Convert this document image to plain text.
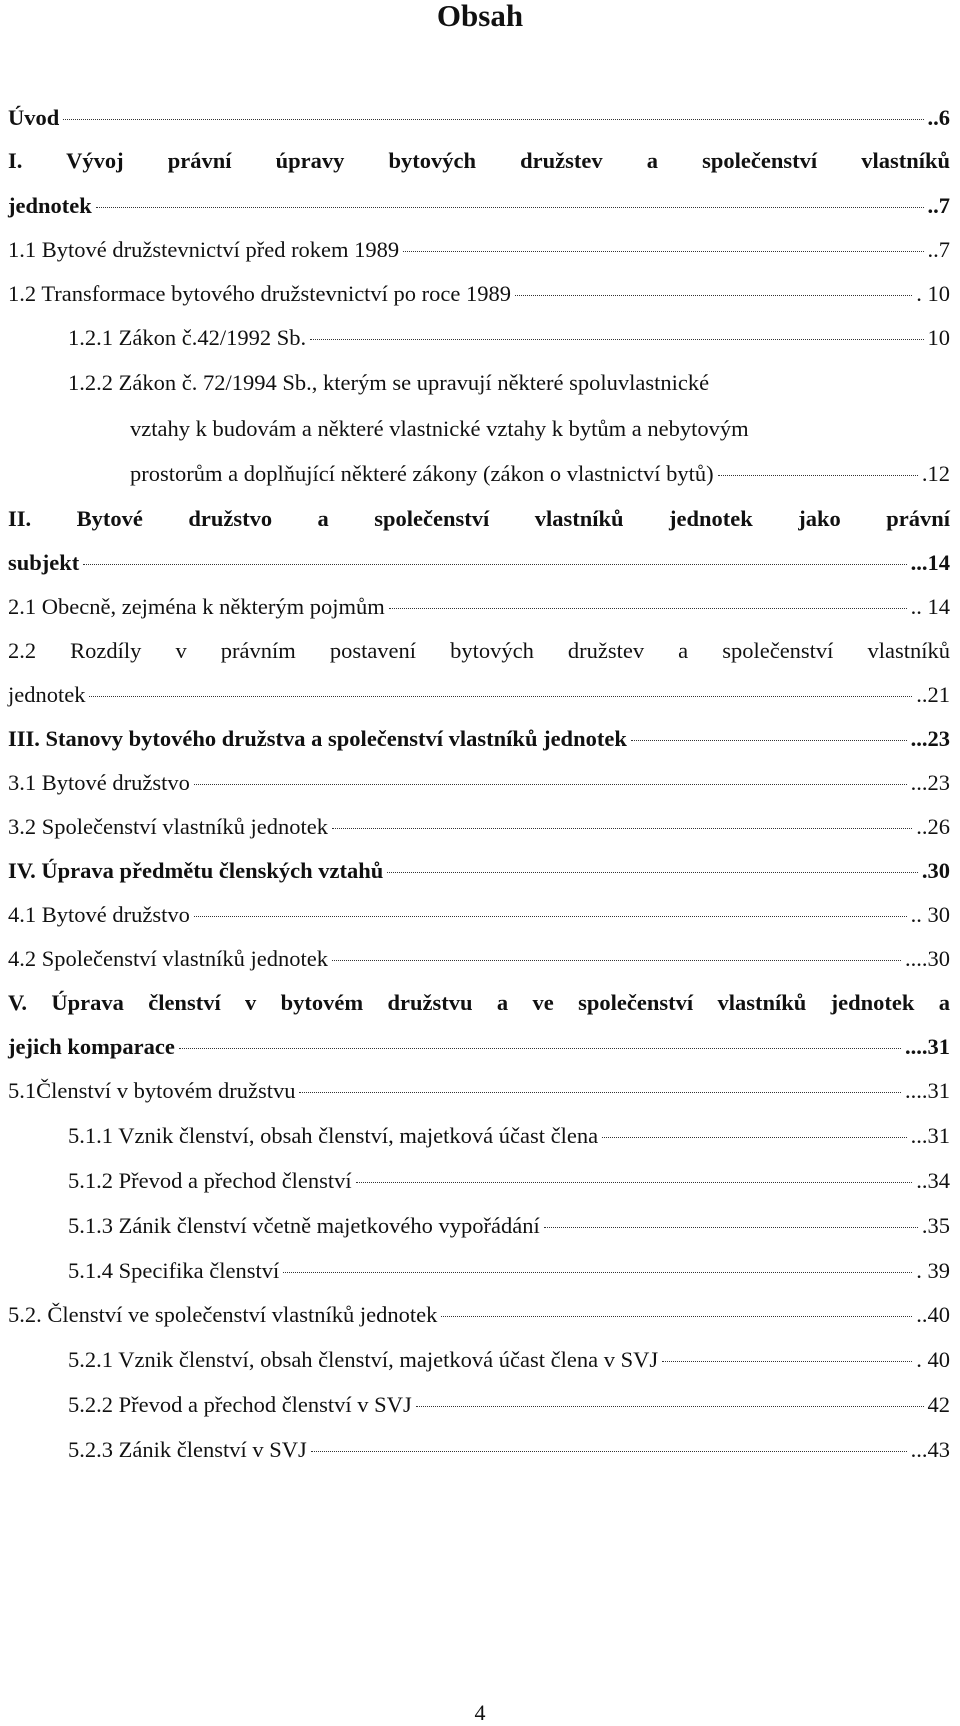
Obsah
Úvod	..6
I. Vývoj právní úpravy bytových družstev a společenství vlastníků
jednotek	..7
1.1 Bytové družstevnictví před rokem 1989	..7
1.2 Transformace bytového družstevnictví po roce 1989	. 10
1.2.1 Zákon č.42/1992 Sb.	10
1.2.2 Zákon č. 72/1994 Sb., kterým se upravují některé spoluvlastnické
vztahy k budovám a některé vlastnické vztahy k bytům a nebytovým
prostorům a doplňující některé zákony (zákon o vlastnictví bytů)	.12
II. Bytové družstvo a společenství vlastníků jednotek jako právní
subjekt	...14
2.1 Obecně, zejména k některým pojmům	.. 14
2.2 Rozdíly v právním postavení bytových družstev a společenství vlastníků
jednotek	..21
III. Stanovy bytového družstva a společenství vlastníků jednotek	...23
3.1 Bytové družstvo	...23
3.2 Společenství vlastníků jednotek	..26
IV. Úprava předmětu členských vztahů	.30
4.1 Bytové družstvo	.. 30
4.2 Společenství vlastníků jednotek	....30
V. Úprava členství v bytovém družstvu a ve společenství vlastníků jednotek a
jejich komparace	....31
5.1Členství v bytovém družstvu	....31
5.1.1 Vznik členství, obsah členství, majetková účast člena	...31
5.1.2 Převod a přechod členství	..34
5.1.3 Zánik členství včetně majetkového vypořádání	.35
5.1.4 Specifika členství	. 39
5.2. Členství ve společenství vlastníků jednotek	..40
5.2.1 Vznik členství, obsah členství, majetková účast člena v SVJ	. 40
5.2.2 Převod a přechod členství v SVJ	42
5.2.3 Zánik členství v SVJ	...43
4
